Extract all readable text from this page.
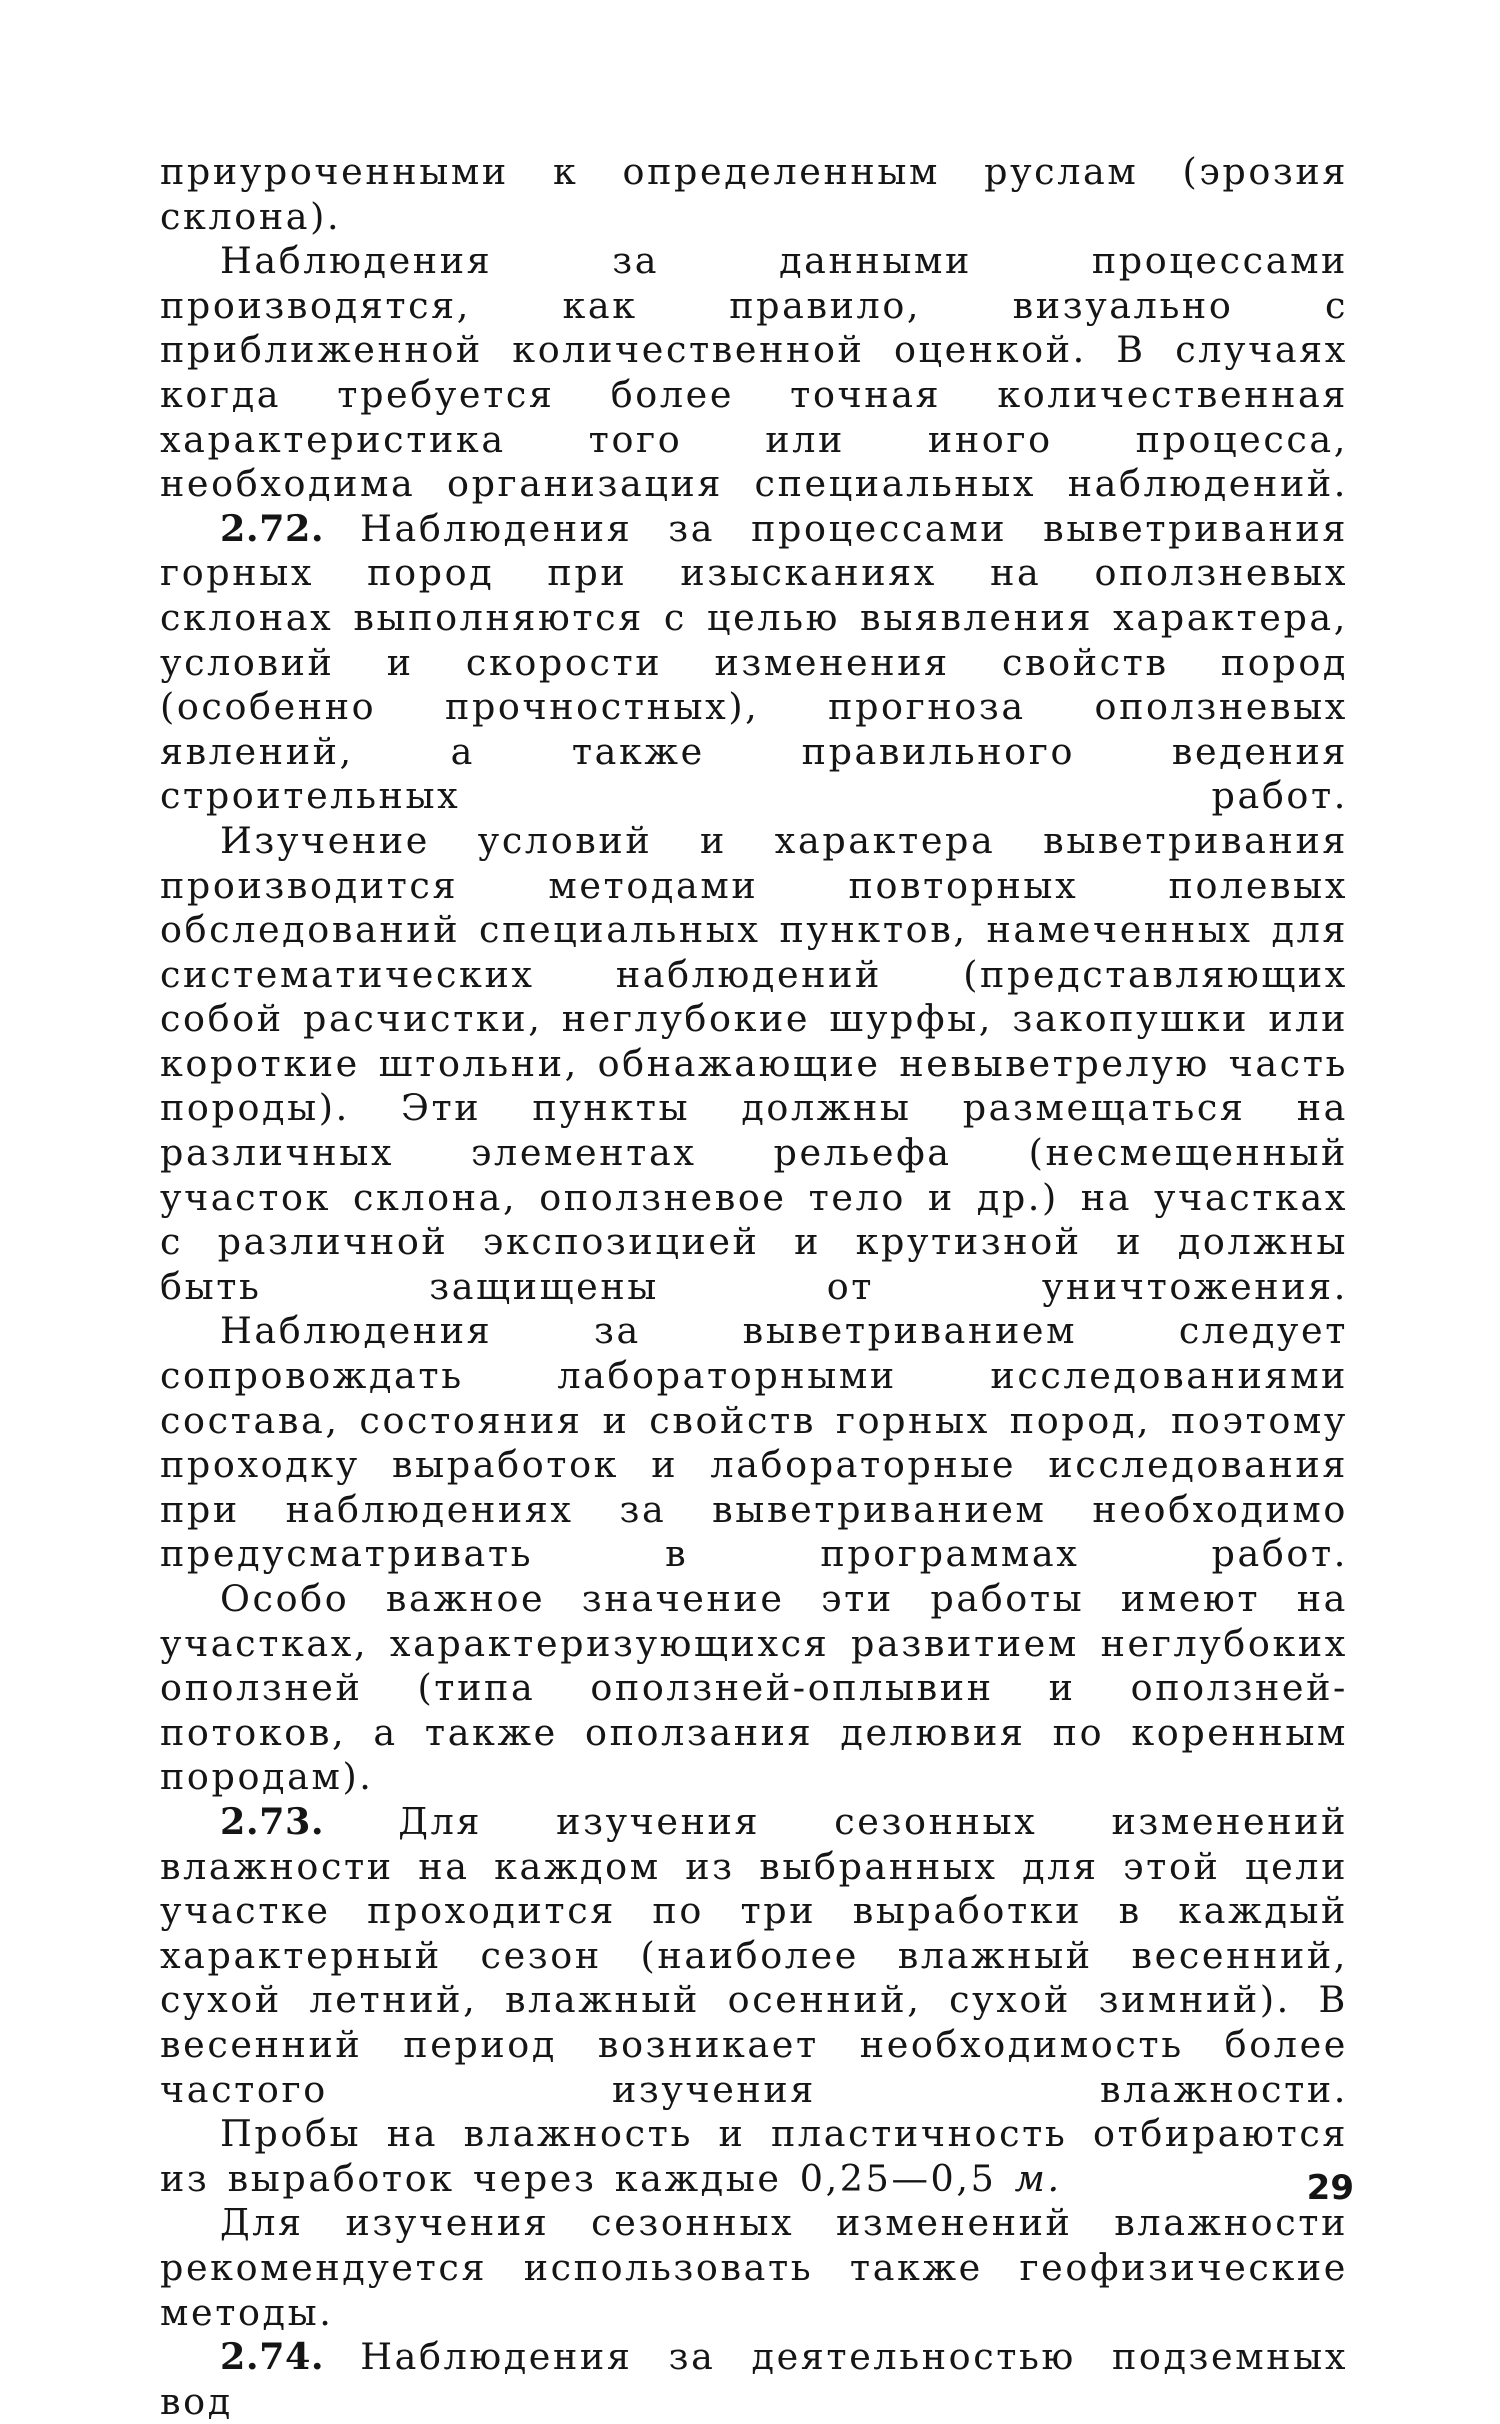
приуроченными к определенным руслам (эрозия склона).

Наблюдения за данными процессами производятся, как правило, визуально с приближенной количественной оценкой. В случаях когда требуется более точная количественная характеристика того или иного процесса, необходима организация специальных наблюдений.

2.72. Наблюдения за процессами выветривания горных пород при изысканиях на оползневых склонах выполняются с целью выявления характера, условий и скорости изменения свойств пород (особенно прочностных), прогноза оползневых явлений, а также правильного ведения строительных работ.

Изучение условий и характера выветривания производится методами повторных полевых обследований специальных пунктов, намеченных для систематических наблюдений (представляющих собой расчистки, неглубокие шурфы, закопушки или короткие штольни, обнажающие невыветрелую часть породы). Эти пункты должны размещаться на различных элементах рельефа (несмещенный участок склона, оползневое тело и др.) на участках с различной экспозицией и крутизной и должны быть защищены от уничтожения.

Наблюдения за выветриванием следует сопровождать лабораторными исследованиями состава, состояния и свойств горных пород, поэтому проходку выработок и лабораторные исследования при наблюдениях за выветриванием необходимо предусматривать в программах работ.

Особо важное значение эти работы имеют на участках, характеризующихся развитием неглубоких оползней (типа оползней-оплывин и оползней-потоков, а также оползания делювия по коренным породам).

2.73. Для изучения сезонных изменений влажности на каждом из выбранных для этой цели участке проходится по три выработки в каждый характерный сезон (наиболее влажный весенний, сухой летний, влажный осенний, сухой зимний). В весенний период возникает необходимость более частого изучения влажности.

Пробы на влажность и пластичность отбираются из выработок через каждые 0,25—0,5 м.

Для изучения сезонных изменений влажности рекомендуется использовать также геофизические методы.

2.74. Наблюдения за деятельностью подземных вод

29
